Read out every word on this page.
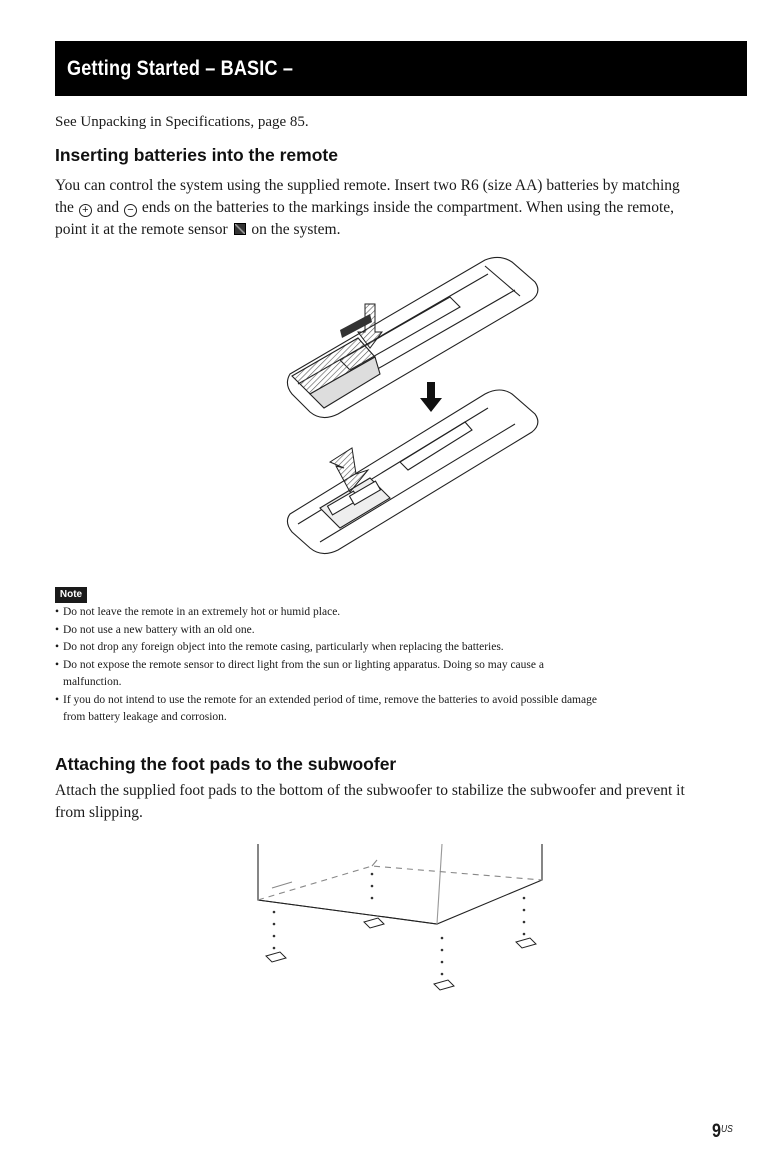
Getting Started – BASIC –
See Unpacking in Specifications, page 85.
Inserting batteries into the remote
You can control the system using the supplied remote. Insert two R6 (size AA) batteries by matching
the + and − ends on the batteries to the markings inside the compartment. When using the remote,
point it at the remote sensor on the system.
Note
• Do not leave the remote in an extremely hot or humid place.
• Do not use a new battery with an old one.
• Do not drop any foreign object into the remote casing, particularly when replacing the batteries.
• Do not expose the remote sensor to direct light from the sun or lighting apparatus. Doing so may cause a
malfunction.
• If you do not intend to use the remote for an extended period of time, remove the batteries to avoid possible damage
from battery leakage and corrosion.
Attaching the foot pads to the subwoofer
Attach the supplied foot pads to the bottom of the subwoofer to stabilize the subwoofer and prevent it
from slipping.
$9^{US}$
